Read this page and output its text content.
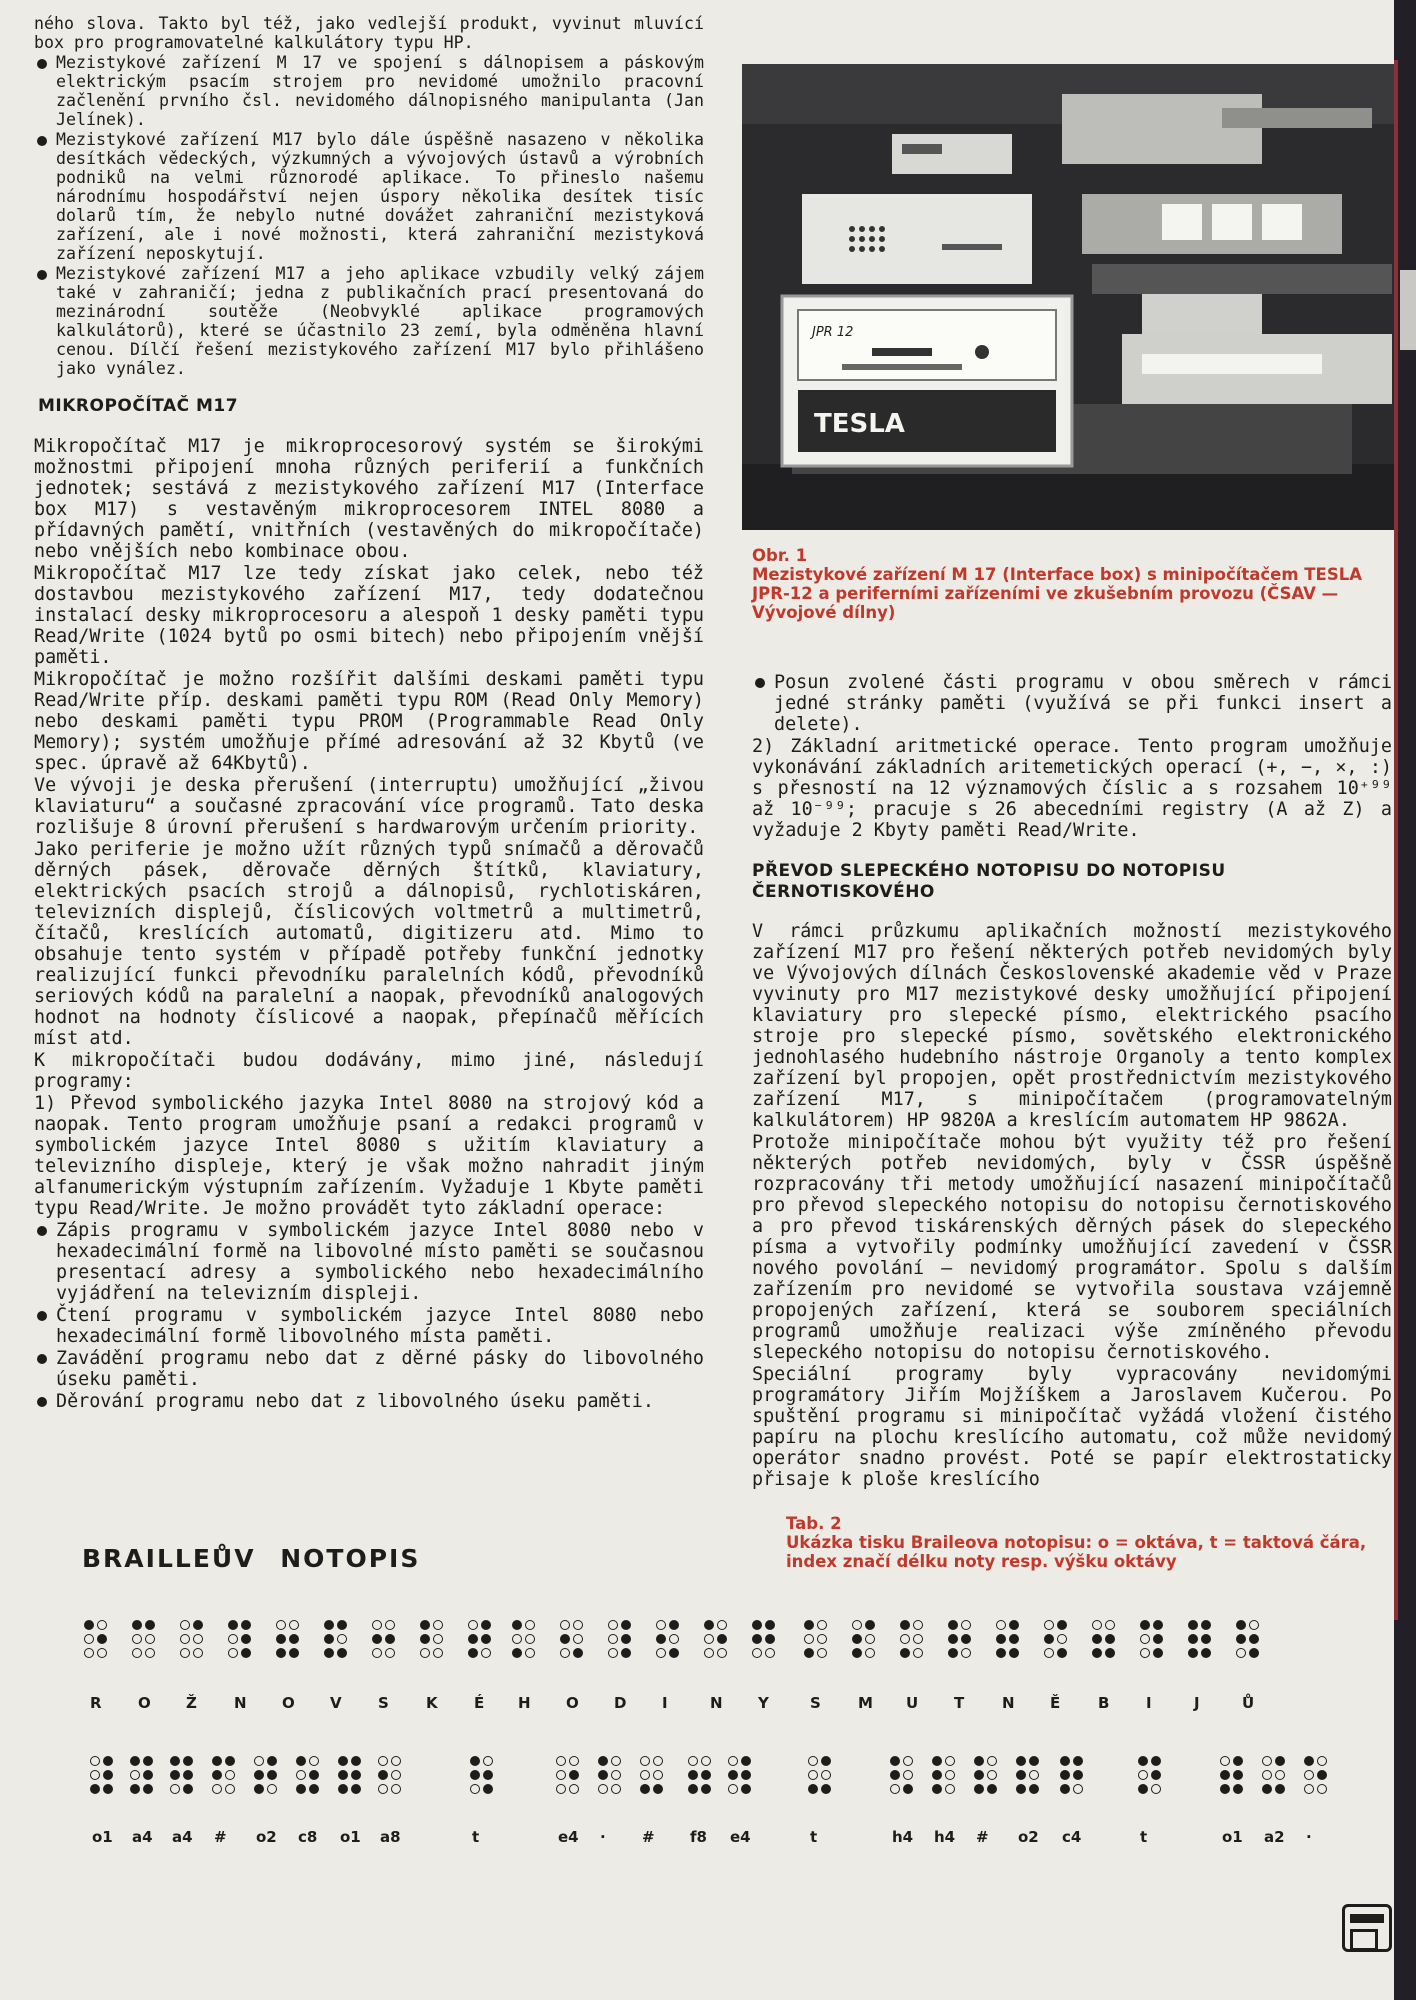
ného slova. Takto byl též, jako vedlejší produkt, vyvinut mluvící box pro programovatelné kalkulátory typu HP.

Mezistykové zařízení M 17 ve spojení s dálnopisem a páskovým elektrickým psacím strojem pro nevidomé umožnilo pracovní začlenění prvního čsl. nevidomého dálnopisného manipulanta (Jan Jelínek).

Mezistykové zařízení M17 bylo dále úspěšně nasazeno v několika desítkách vědeckých, výzkumných a vývojových ústavů a výrobních podniků na velmi různorodé aplikace. To přineslo našemu národnímu hospodářství nejen úspory několika desítek tisíc dolarů tím, že nebylo nutné dovážet zahraniční mezistyková zařízení, ale i nové možnosti, která zahraniční mezistyková zařízení neposkytují.

Mezistykové zařízení M17 a jeho aplikace vzbudily velký zájem také v zahraničí; jedna z publikačních prací presentovaná do mezinárodní soutěže (Neobvyklé aplikace programových kalkulátorů), které se účastnilo 23 zemí, byla odměněna hlavní cenou. Dílčí řešení mezistykového zařízení M17 bylo přihlášeno jako vynález.

MIKROPOČÍTAČ M17

Mikropočítač M17 je mikroprocesorový systém se širokými možnostmi připojení mnoha různých periferií a funkčních jednotek; sestává z mezistykového zařízení M17 (Interface box M17) s vestavěným mikroprocesorem INTEL 8080 a přídavných pamětí, vnitřních (vestavěných do mikropočítače) nebo vnějších nebo kombinace obou.

Mikropočítač M17 lze tedy získat jako celek, nebo též dostavbou mezistykového zařízení M17, tedy dodatečnou instalací desky mikroprocesoru a alespoň 1 desky paměti typu Read/Write (1024 bytů po osmi bitech) nebo připojením vnější paměti.

Mikropočítač je možno rozšířit dalšími deskami paměti typu Read/Write příp. deskami paměti typu ROM (Read Only Memory) nebo deskami paměti typu PROM (Programmable Read Only Memory); systém umožňuje přímé adresování až 32 Kbytů (ve spec. úpravě až 64Kbytů).

Ve vývoji je deska přerušení (interruptu) umožňující „živou klaviaturu“ a současné zpracování více programů. Tato deska rozlišuje 8 úrovní přerušení s hardwarovým určením priority.

Jako periferie je možno užít různých typů snímačů a děrovačů děrných pásek, děrovače děrných štítků, klaviatury, elektrických psacích strojů a dálnopisů, rychlotiskáren, televizních displejů, číslicových voltmetrů a multimetrů, čítačů, kreslících automatů, digitizeru atd. Mimo to obsahuje tento systém v případě potřeby funkční jednotky realizující funkci převodníku paralelních kódů, převodníků seriových kódů na paralelní a naopak, převodníků analogových hodnot na hodnoty číslicové a naopak, přepínačů měřících míst atd.

K mikropočítači budou dodávány, mimo jiné, následují programy:

1) Převod symbolického jazyka Intel 8080 na strojový kód a naopak. Tento program umožňuje psaní a redakci programů v symbolickém jazyce Intel 8080 s užitím klaviatury a televizního displeje, který je však možno nahradit jiným alfanumerickým výstupním zařízením. Vyžaduje 1 Kbyte paměti typu Read/Write. Je možno provádět tyto základní operace:

Zápis programu v symbolickém jazyce Intel 8080 nebo v hexadecimální formě na libovolné místo paměti se současnou presentací adresy a symbolického nebo hexadecimálního vyjádření na televizním displeji.

Čtení programu v symbolickém jazyce Intel 8080 nebo hexadecimální formě libovolného místa paměti.

Zavádění programu nebo dat z děrné pásky do libovolného úseku paměti.

Děrování programu nebo dat z libovolného úseku paměti.

JPR 12
TESLA
Obr. 1
Mezistykové zařízení M 17 (Interface box) s minipočítačem TESLA JPR-12 a periferními zařízeními ve zkušebním provozu (ČSAV — Vývojové dílny)

Posun zvolené části programu v obou směrech v rámci jedné stránky paměti (využívá se při funkci insert a delete).

2) Základní aritmetické operace. Tento program umožňuje vykonávání základních aritemetických operací (+, −, ×, :) s přesností na 12 významových číslic a s rozsahem 10⁺⁹⁹ až 10⁻⁹⁹; pracuje s 26 abecedními registry (A až Z) a vyžaduje 2 Kbyty paměti Read/Write.

PŘEVOD SLEPECKÉHO NOTOPISU DO NOTOPISU ČERNOTISKOVÉHO

V rámci průzkumu aplikačních možností mezistykového zařízení M17 pro řešení některých potřeb nevidomých byly ve Vývojových dílnách Československé akademie věd v Praze vyvinuty pro M17 mezistykové desky umožňující připojení klaviatury pro slepecké písmo, elektrického psacího stroje pro slepecké písmo, sovětského elektronického jednohlasého hudebního nástroje Organoly a tento komplex zařízení byl propojen, opět prostřednictvím mezistykového zařízení M17, s minipočítačem (programovatelným kalkulátorem) HP 9820A a kreslícím automatem HP 9862A.

Protože minipočítače mohou být využity též pro řešení některých potřeb nevidomých, byly v ČSSR úspěšně rozpracovány tři metody umožňující nasazení minipočítačů pro převod slepeckého notopisu do notopisu černotiskového a pro převod tiskárenských děrných pásek do slepeckého písma a vytvořily podmínky umožňující zavedení v ČSSR nového povolání — nevidomý programátor. Spolu s dalším zařízením pro nevidomé se vytvořila soustava vzájemně propojených zařízení, která se souborem speciálních programů umožňuje realizaci výše zmíněného převodu slepeckého notopisu do notopisu černotiskového.

Speciální programy byly vypracovány nevidomými programátory Jiřím Mojžíškem a Jaroslavem Kučerou. Po spuštění programu si minipočítač vyžádá vložení čistého papíru na plochu kreslícího automatu, což může nevidomý operátor snadno provést. Poté se papír elektrostaticky přisaje k ploše kreslícího

Tab. 2
Ukázka tisku Braileova notopisu: o = oktáva, t = taktová čára, index značí délku noty resp. výšku oktávy
BRAILLEŮV NOTOPIS
R O Ž N O V S K É H O D I	N Y	S M U T	N Ě	B I	J	Ů
o1 a4 a4 # o2 c8 o1 a8	t	e4 · # f8 e4	t	h4 h4 # o2 c4	t	o1 a2 ·
